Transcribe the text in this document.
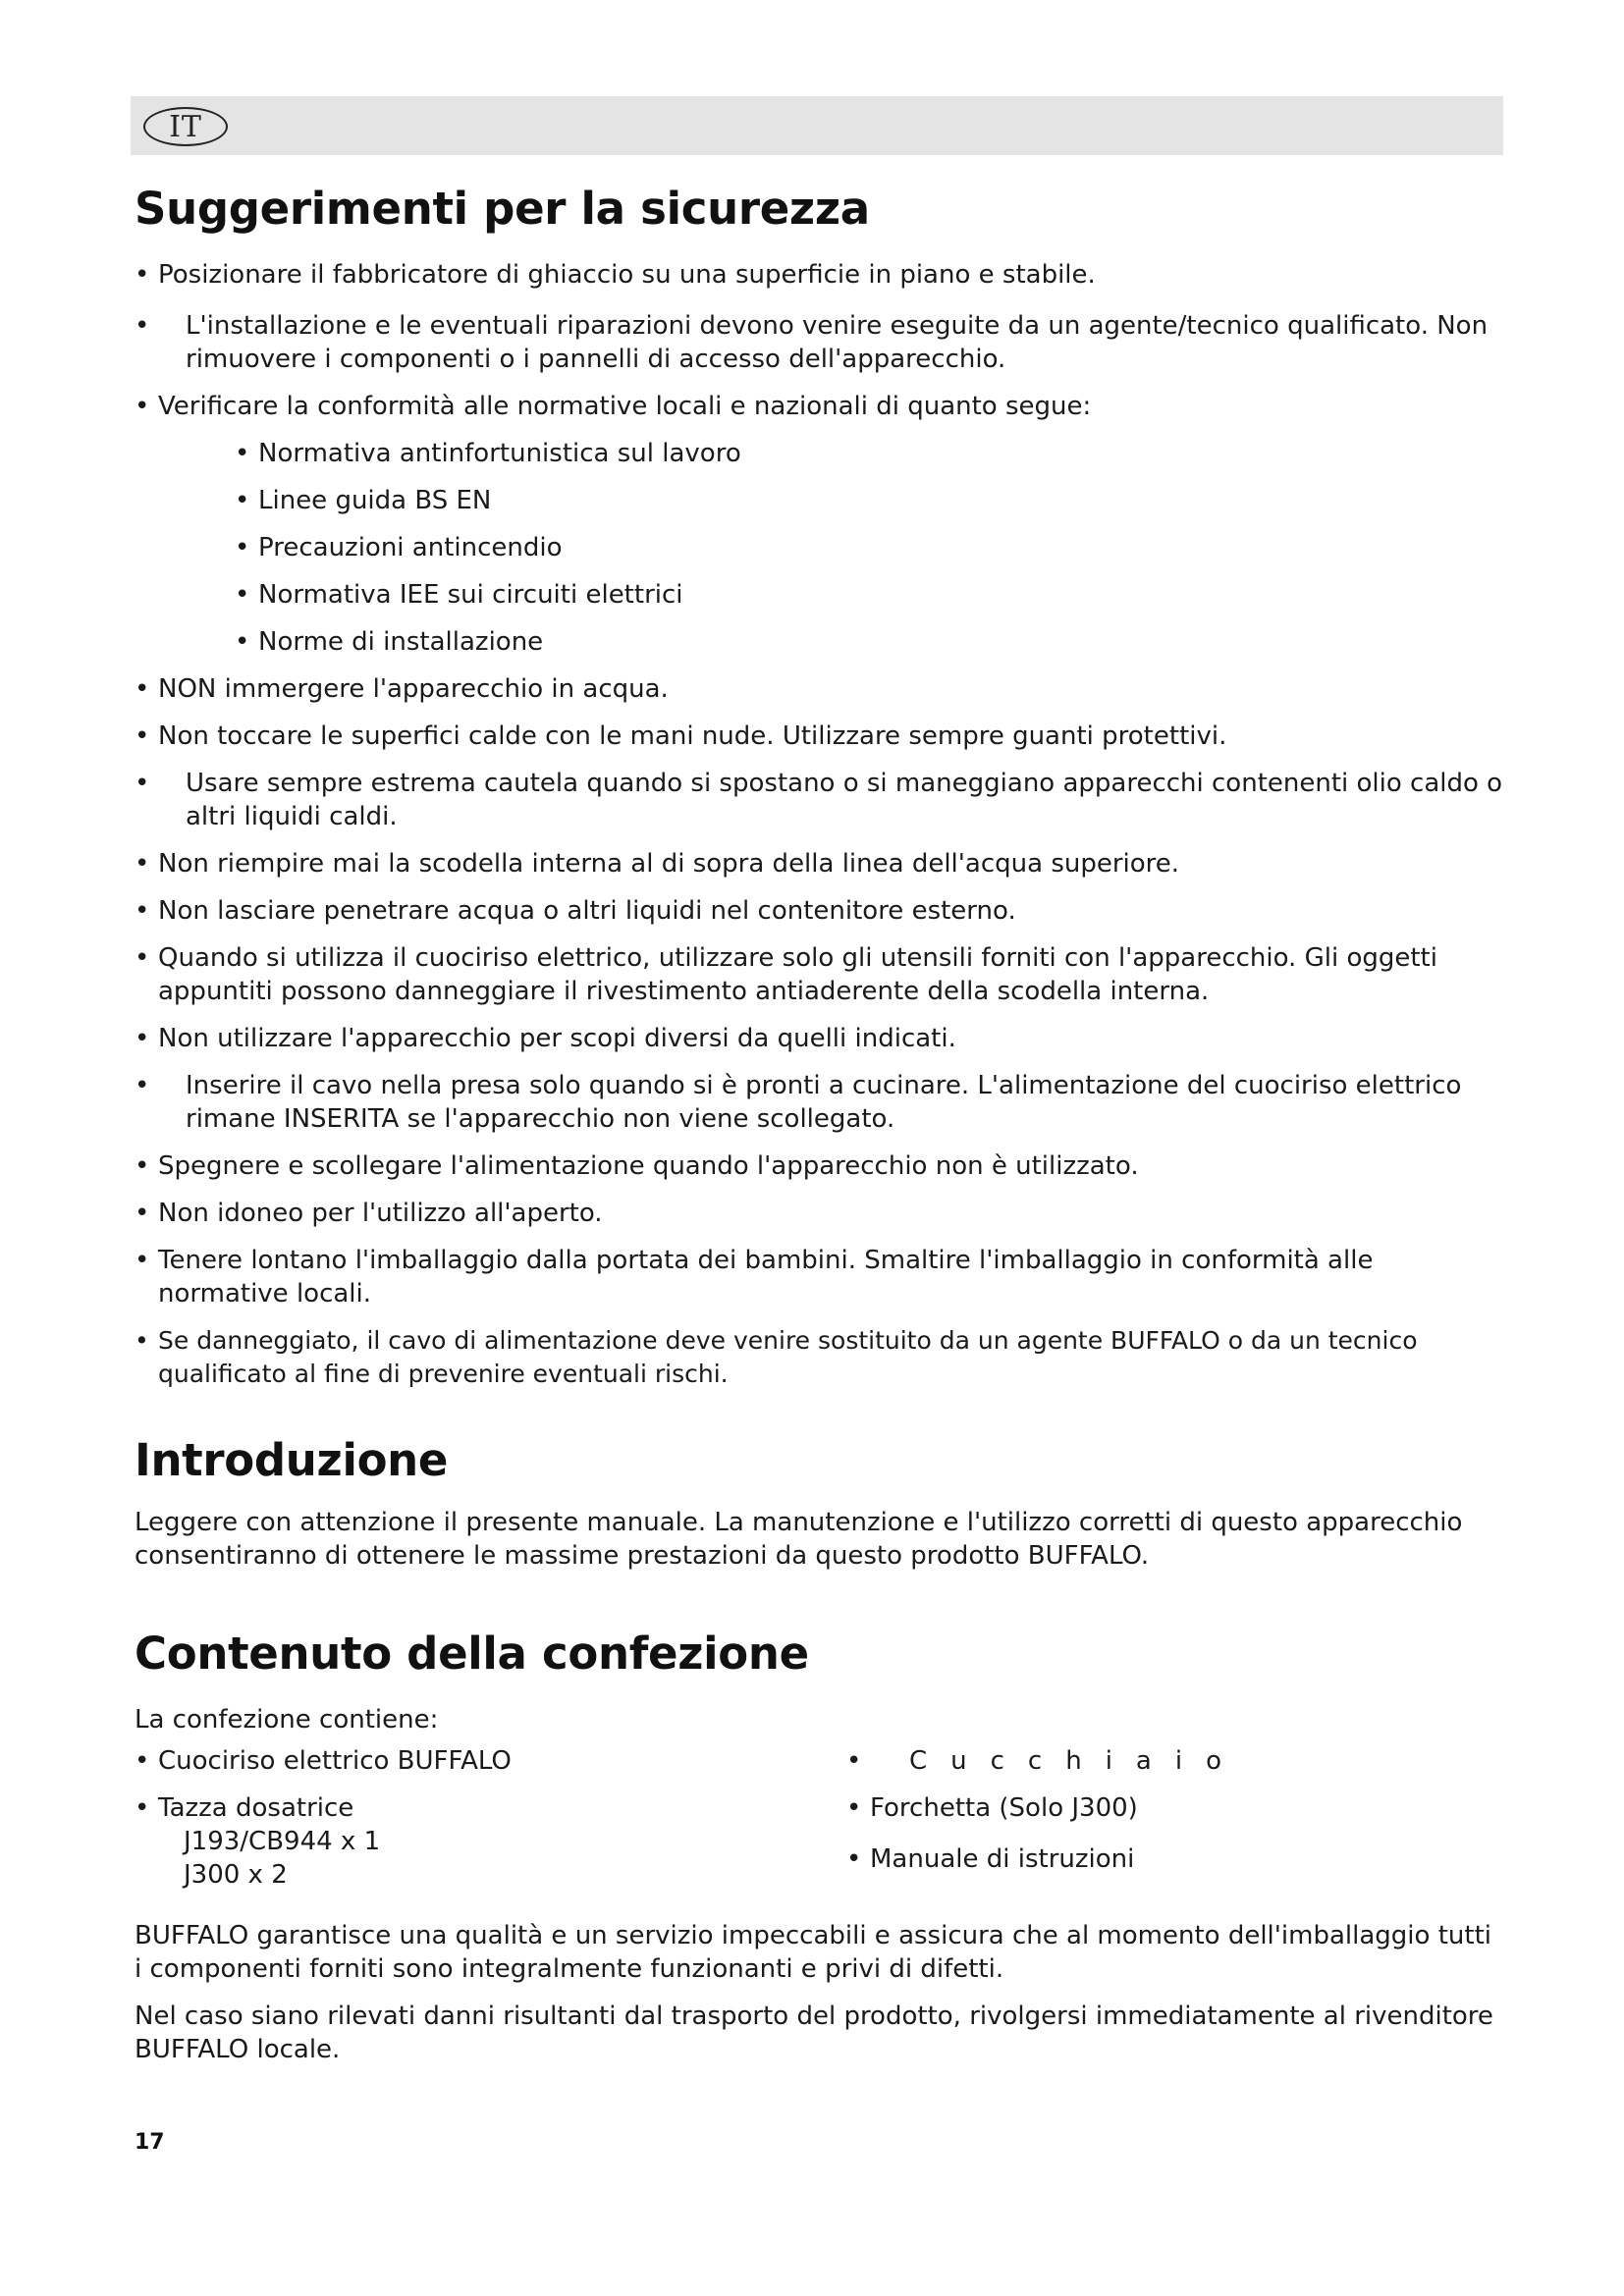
IT
Suggerimenti per la sicurezza
• Posizionare il fabbricatore di ghiaccio su una superficie in piano e stabile.
• L'installazione e le eventuali riparazioni devono venire eseguite da un agente/tecnico qualificato. Non rimuovere i componenti o i pannelli di accesso dell'apparecchio.
• Verificare la conformità alle normative locali e nazionali di quanto segue:
• Normativa antinfortunistica sul lavoro
• Linee guida BS EN
• Precauzioni antincendio
• Normativa IEE sui circuiti elettrici
• Norme di installazione
• NON immergere l'apparecchio in acqua.
• Non toccare le superfici calde con le mani nude. Utilizzare sempre guanti protettivi.
• Usare sempre estrema cautela quando si spostano o si maneggiano apparecchi contenenti olio caldo o altri liquidi caldi.
• Non riempire mai la scodella interna al di sopra della linea dell'acqua superiore.
• Non lasciare penetrare acqua o altri liquidi nel contenitore esterno.
• Quando si utilizza il cuociriso elettrico, utilizzare solo gli utensili forniti con l'apparecchio. Gli oggetti appuntiti possono danneggiare il rivestimento antiaderente della scodella interna.
• Non utilizzare l'apparecchio per scopi diversi da quelli indicati.
• Inserire il cavo nella presa solo quando si è pronti a cucinare. L'alimentazione del cuociriso elettrico rimane INSERITA se l'apparecchio non viene scollegato.
• Spegnere e scollegare l'alimentazione quando l'apparecchio non è utilizzato.
• Non idoneo per l'utilizzo all'aperto.
• Tenere lontano l'imballaggio dalla portata dei bambini. Smaltire l'imballaggio in conformità alle normative locali.
• Se danneggiato, il cavo di alimentazione deve venire sostituito da un agente BUFFALO o da un tecnico qualificato al fine di prevenire eventuali rischi.
Introduzione

Leggere con attenzione il presente manuale. La manutenzione e l'utilizzo corretti di questo apparecchio consentiranno di ottenere le massime prestazioni da questo prodotto BUFFALO.

Contenuto della confezione

La confezione contiene:

• Cuociriso elettrico BUFFALO
• Tazza dosatrice
J193/CB944 x 1
J300 x 2
• Cucchiaio
• Forchetta (Solo J300)
• Manuale di istruzioni

BUFFALO garantisce una qualità e un servizio impeccabili e assicura che al momento dell'imballaggio tutti i componenti forniti sono integralmente funzionanti e privi di difetti.

Nel caso siano rilevati danni risultanti dal trasporto del prodotto, rivolgersi immediatamente al rivenditore BUFFALO locale.

17
